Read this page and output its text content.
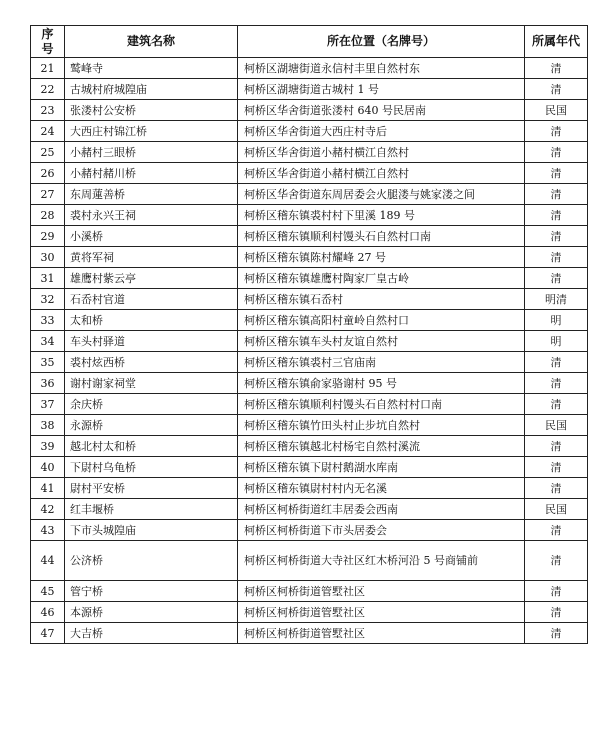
序号	建筑名称	所在位置（名牌号）	所属年代
21	鹫峰寺	柯桥区湖塘街道永信村丰里自然村东	清
22	古城村府城隍庙	柯桥区湖塘街道古城村 1 号	清
23	张溇村公安桥	柯桥区华舍街道张溇村 640 号民居南	民国
24	大西庄村锦江桥	柯桥区华舍街道大西庄村寺后	清
25	小赭村三眼桥	柯桥区华舍街道小赭村横江自然村	清
26	小赭村赭川桥	柯桥区华舍街道小赭村横江自然村	清
27	东周蓮善桥	柯桥区华舍街道东周居委会火腿溇与姚家溇之间	清
28	裘村永兴王祠	柯桥区稽东镇裘村村下里溪 189 号	清
29	小溪桥	柯桥区稽东镇顺利村馒头石自然村口南	清
30	黄将军祠	柯桥区稽东镇陈村耀峰 27 号	清
31	雄鹰村紫云亭	柯桥区稽东镇雄鹰村陶家厂皇古岭	清
32	石岙村官道	柯桥区稽东镇石岙村	明清
33	太和桥	柯桥区稽东镇高阳村童岭自然村口	明
34	车头村驿道	柯桥区稽东镇车头村友谊自然村	明
35	裘村炫西桥	柯桥区稽东镇裘村三官庙南	清
36	谢村谢家祠堂	柯桥区稽东镇俞家骆谢村 95 号	清
37	余庆桥	柯桥区稽东镇顺利村馒头石自然村村口南	清
38	永源桥	柯桥区稽东镇竹田头村止步坑自然村	民国
39	越北村太和桥	柯桥区稽东镇越北村杨宅自然村溪流	清
40	下尉村乌龟桥	柯桥区稽东镇下尉村鹅湖水库南	清
41	尉村平安桥	柯桥区稽东镇尉村村内无名溪	清
42	红丰堰桥	柯桥区柯桥街道红丰居委会西南	民国
43	下市头城隍庙	柯桥区柯桥街道下市头居委会	清
44	公济桥	柯桥区柯桥街道大寺社区红木桥河沿 5 号商铺前	清
45	管宁桥	柯桥区柯桥街道管墅社区	清
46	本源桥	柯桥区柯桥街道管墅社区	清
47	大吉桥	柯桥区柯桥街道管墅社区	清
